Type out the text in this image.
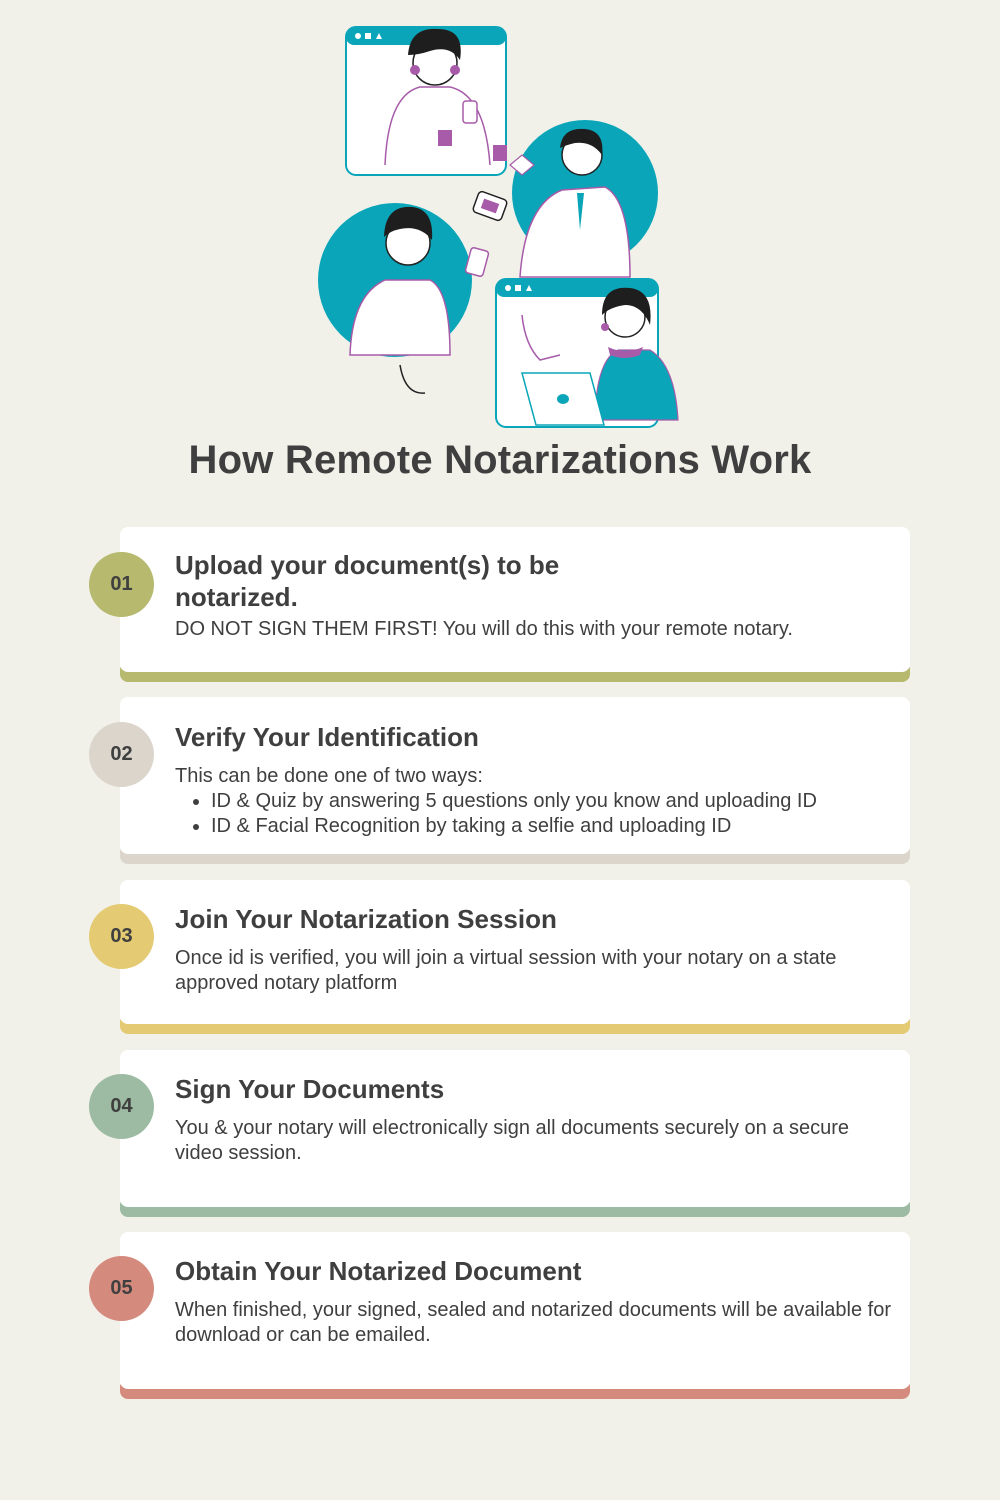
How Remote Notarizations Work
01
Upload your document(s) to be notarized.
DO NOT SIGN THEM FIRST! You will do this with your remote notary.
02
Verify Your Identification
This can be done one of two ways:
• ID & Quiz by answering 5 questions only you know and uploading ID
• ID & Facial Recognition by taking a selfie and uploading ID
03
Join Your Notarization Session
Once id is verified, you will join a virtual session with your notary on a state approved notary platform
04
Sign Your Documents
You & your notary will electronically sign all documents securely on a secure video session.
05
Obtain Your Notarized Document
When finished, your signed, sealed and notarized documents will be available for download or can be emailed.
